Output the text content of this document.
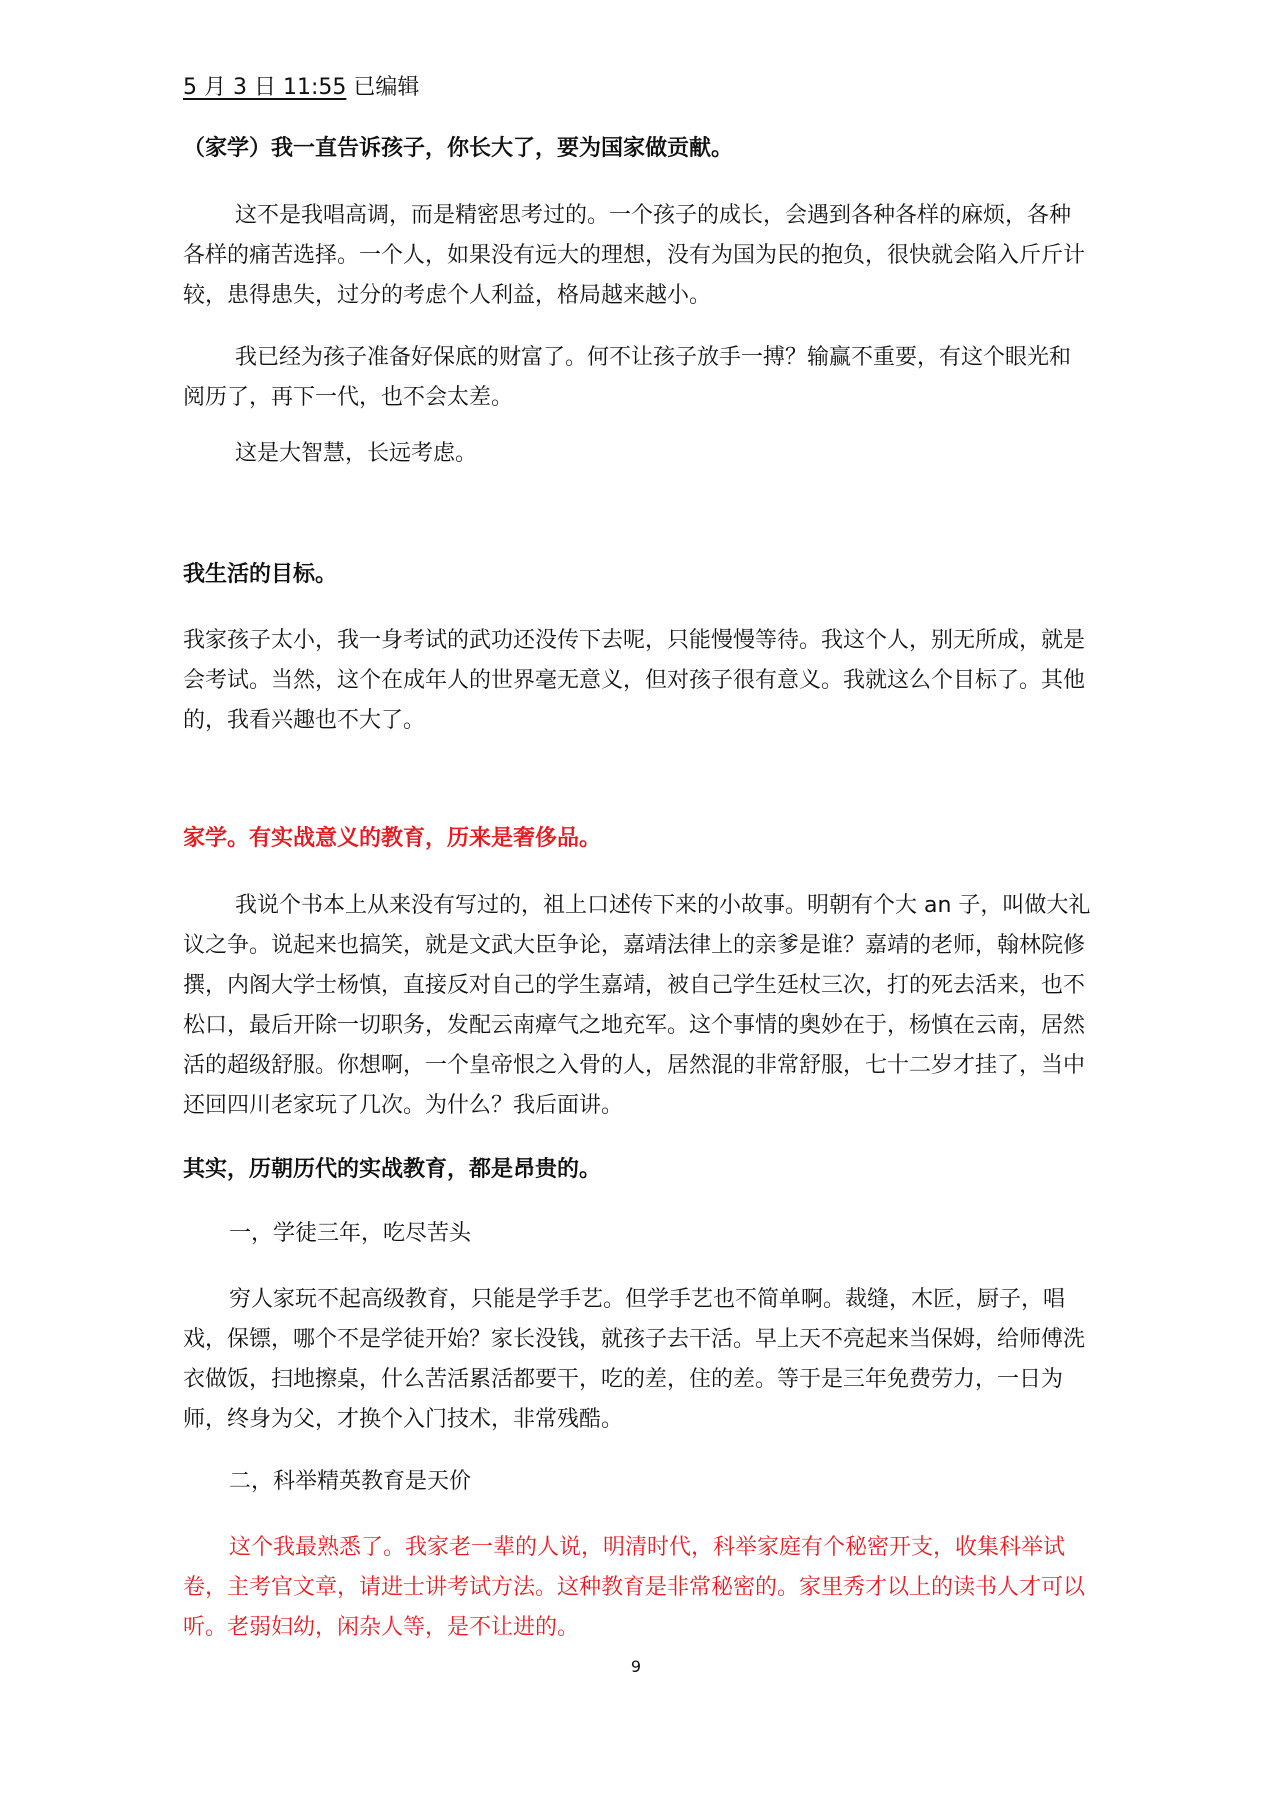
5 月 3 日 11:55 已编辑

（家学）我一直告诉孩子，你长大了，要为国家做贡献。

这不是我唱高调，而是精密思考过的。一个孩子的成长，会遇到各种各样的麻烦，各种各样的痛苦选择。一个人，如果没有远大的理想，没有为国为民的抱负，很快就会陷入斤斤计较，患得患失，过分的考虑个人利益，格局越来越小。

我已经为孩子准备好保底的财富了。何不让孩子放手一搏？输赢不重要，有这个眼光和阅历了，再下一代，也不会太差。

这是大智慧，长远考虑。

我生活的目标。

我家孩子太小，我一身考试的武功还没传下去呢，只能慢慢等待。我这个人，别无所成，就是会考试。当然，这个在成年人的世界毫无意义，但对孩子很有意义。我就这么个目标了。其他的，我看兴趣也不大了。

家学。有实战意义的教育，历来是奢侈品。

我说个书本上从来没有写过的，祖上口述传下来的小故事。明朝有个大 an 子，叫做大礼议之争。说起来也搞笑，就是文武大臣争论，嘉靖法律上的亲爹是谁？嘉靖的老师，翰林院修撰，内阁大学士杨慎，直接反对自己的学生嘉靖，被自己学生廷杖三次，打的死去活来，也不松口，最后开除一切职务，发配云南瘴气之地充军。这个事情的奥妙在于，杨慎在云南，居然活的超级舒服。你想啊，一个皇帝恨之入骨的人，居然混的非常舒服，七十二岁才挂了，当中还回四川老家玩了几次。为什么？我后面讲。

其实，历朝历代的实战教育，都是昂贵的。

一，学徒三年，吃尽苦头

穷人家玩不起高级教育，只能是学手艺。但学手艺也不简单啊。裁缝，木匠，厨子，唱戏，保镖，哪个不是学徒开始？家长没钱，就孩子去干活。早上天不亮起来当保姆，给师傅洗衣做饭，扫地擦桌，什么苦活累活都要干，吃的差，住的差。等于是三年免费劳力，一日为师，终身为父，才换个入门技术，非常残酷。

二，科举精英教育是天价

这个我最熟悉了。我家老一辈的人说，明清时代，科举家庭有个秘密开支，收集科举试卷，主考官文章，请进士讲考试方法。这种教育是非常秘密的。家里秀才以上的读书人才可以听。老弱妇幼，闲杂人等，是不让进的。

9
